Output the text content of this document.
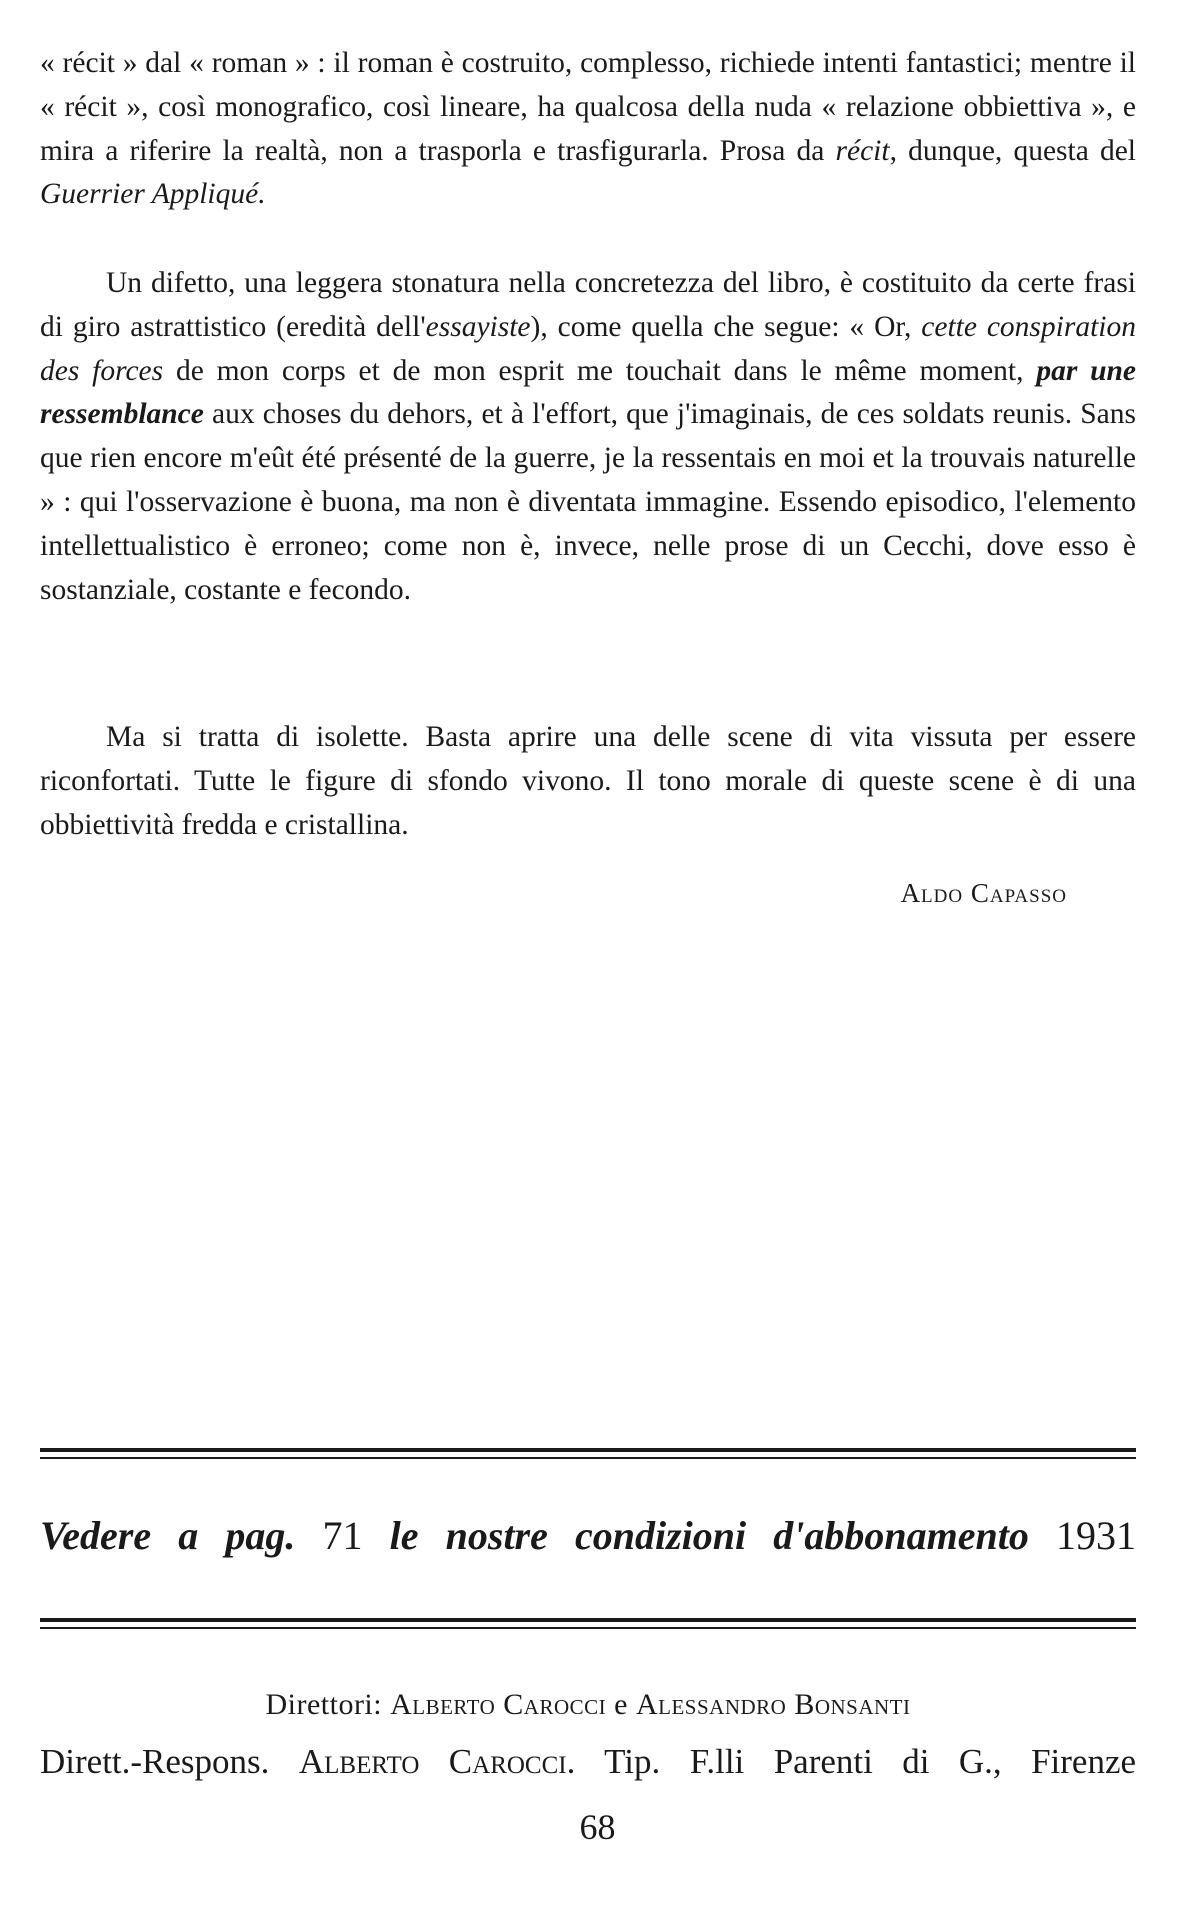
« récit » dal « roman » : il roman è costruito, complesso, richiede intenti fantastici; mentre il « récit », così monografico, così lineare, ha qualcosa della nuda « relazione obbiettiva », e mira a riferire la realtà, non a trasporla e trasfigurarla. Prosa da récit, dunque, questa del Guerrier Appliqué.

Un difetto, una leggera stonatura nella concretezza del libro, è costituito da certe frasi di giro astrattistico (eredità dell'essayiste), come quella che segue: « Or, cette conspiration des forces de mon corps et de mon esprit me touchait dans le même moment, par une ressemblance aux choses du dehors, et à l'effort, que j'imaginais, de ces soldats reunis. Sans que rien encore m'eût été présenté de la guerre, je la ressentais en moi et la trouvais naturelle » : qui l'osservazione è buona, ma non è diventata immagine. Essendo episodico, l'elemento intellettualistico è erroneo; come non è, invece, nelle prose di un Cecchi, dove esso è sostanziale, costante e fecondo.

Ma si tratta di isolette. Basta aprire una delle scene di vita vissuta per essere riconfortati. Tutte le figure di sfondo vivono. Il tono morale di queste scene è di una obbiettività fredda e cristallina.

Aldo Capasso
Vedere a pag. 71 le nostre condizioni d'abbonamento 1931
Direttori: Alberto Carocci e Alessandro Bonsanti
Dirett.-Respons. Alberto Carocci. Tip. F.lli Parenti di G., Firenze
68
